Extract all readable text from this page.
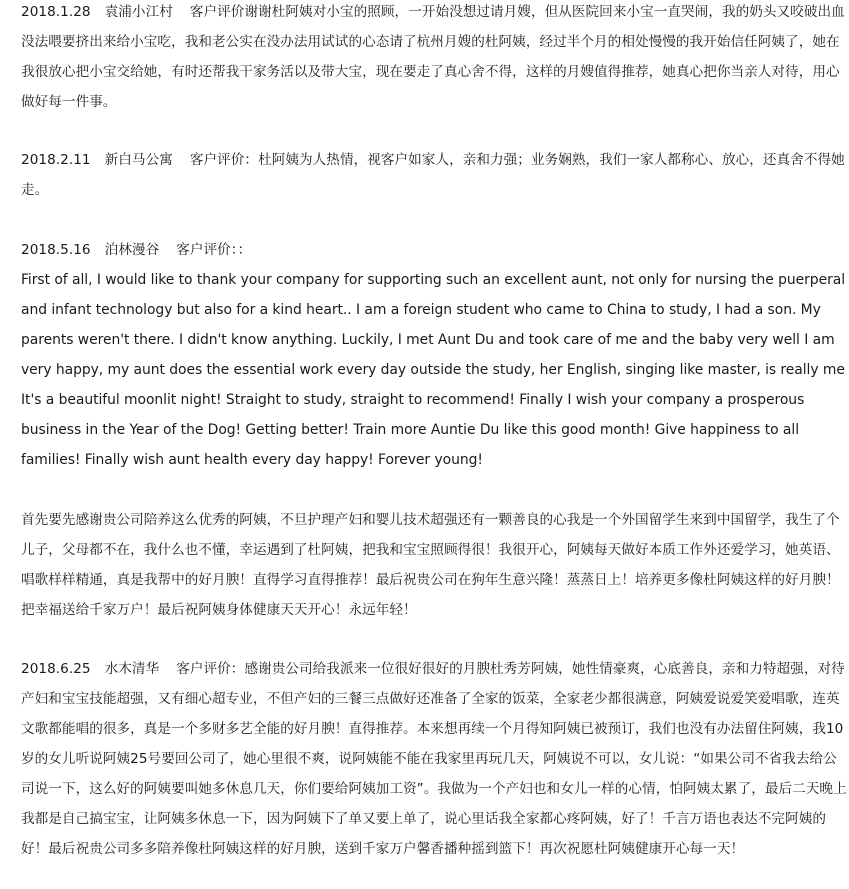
2018.1.28 袁浦小江村 客户评价谢谢杜阿姨对小宝的照顾，一开始没想过请月嫂，但从医院回来小宝一直哭闹，我的奶头又咬破出血没法喂要挤出来给小宝吃，我和老公实在没办法用试试的心态请了杭州月嫂的杜阿姨，经过半个月的相处慢慢的我开始信任阿姨了，她在我很放心把小宝交给她，有时还帮我干家务活以及带大宝，现在要走了真心舍不得，这样的月嫂值得推荐，她真心把你当亲人对待，用心做好每一件事。

2018.2.11 新白马公寓 客户评价：杜阿姨为人热情，视客户如家人，亲和力强；业务娴熟，我们一家人都称心、放心，还真舍不得她走。

2018.5.16 泊林漫谷 客户评价：：

First of all, I would like to thank your company for supporting such an excellent aunt, not only for nursing the puerperal and infant technology but also for a kind heart.. I am a foreign student who came to China to study, I had a son. My parents weren't there. I didn't know anything. Luckily, I met Aunt Du and took care of me and the baby very well I am very happy, my aunt does the essential work every day outside the study, her English, singing like master, is really me It's a beautiful moonlit night! Straight to study, straight to recommend! Finally I wish your company a prosperous business in the Year of the Dog! Getting better! Train more Auntie Du like this good month! Give happiness to all families! Finally wish aunt health every day happy! Forever young!

首先要先感谢贵公司陪养这么优秀的阿姨，不旦护理产妇和婴儿技术超强还有一颗善良的心我是一个外国留学生来到中国留学，我生了个儿子，父母都不在，我什么也不懂，幸运遇到了杜阿姨，把我和宝宝照顾得很！我很开心，阿姨每天做好本质工作外还爱学习，她英语、唱歌样样精通，真是我帮中的好月腴！直得学习直得推荐！最后祝贵公司在狗年生意兴隆！蒸蒸日上！培养更多像杜阿姨这样的好月腴！把幸福送给千家万户！最后祝阿姨身体健康天天开心！永远年轻！

2018.6.25 水木清华 客户评价：感谢贵公司给我派来一位很好很好的月腴杜秀芳阿姨，她性情豪爽，心底善良，亲和力特超强，对待产妇和宝宝技能超强，又有细心超专业，不但产妇的三餐三点做好还准备了全家的饭菜，全家老少都很满意，阿姨爱说爱笑爱唱歌，连英文歌都能唱的很多，真是一个多财多艺全能的好月腴！直得推荐。本来想再续一个月得知阿姨已被预订，我们也没有办法留住阿姨，我10岁的女儿听说阿姨25号要回公司了，她心里很不爽，说阿姨能不能在我家里再玩几天，阿姨说不可以，女儿说：“如果公司不省我去给公司说一下，这么好的阿姨要叫她多休息几天，你们要给阿姨加工资”。我做为一个产妇也和女儿一样的心情，怕阿姨太累了，最后二天晚上我都是自己搞宝宝，让阿姨多休息一下，因为阿姨下了单又要上单了，说心里话我全家都心疼阿姨，好了！千言万语也表达不完阿姨的好！最后祝贵公司多多陪养像杜阿姨这样的好月腴，送到千家万户馨香播种摇到篮下！再次祝愿杜阿姨健康开心每一天！
